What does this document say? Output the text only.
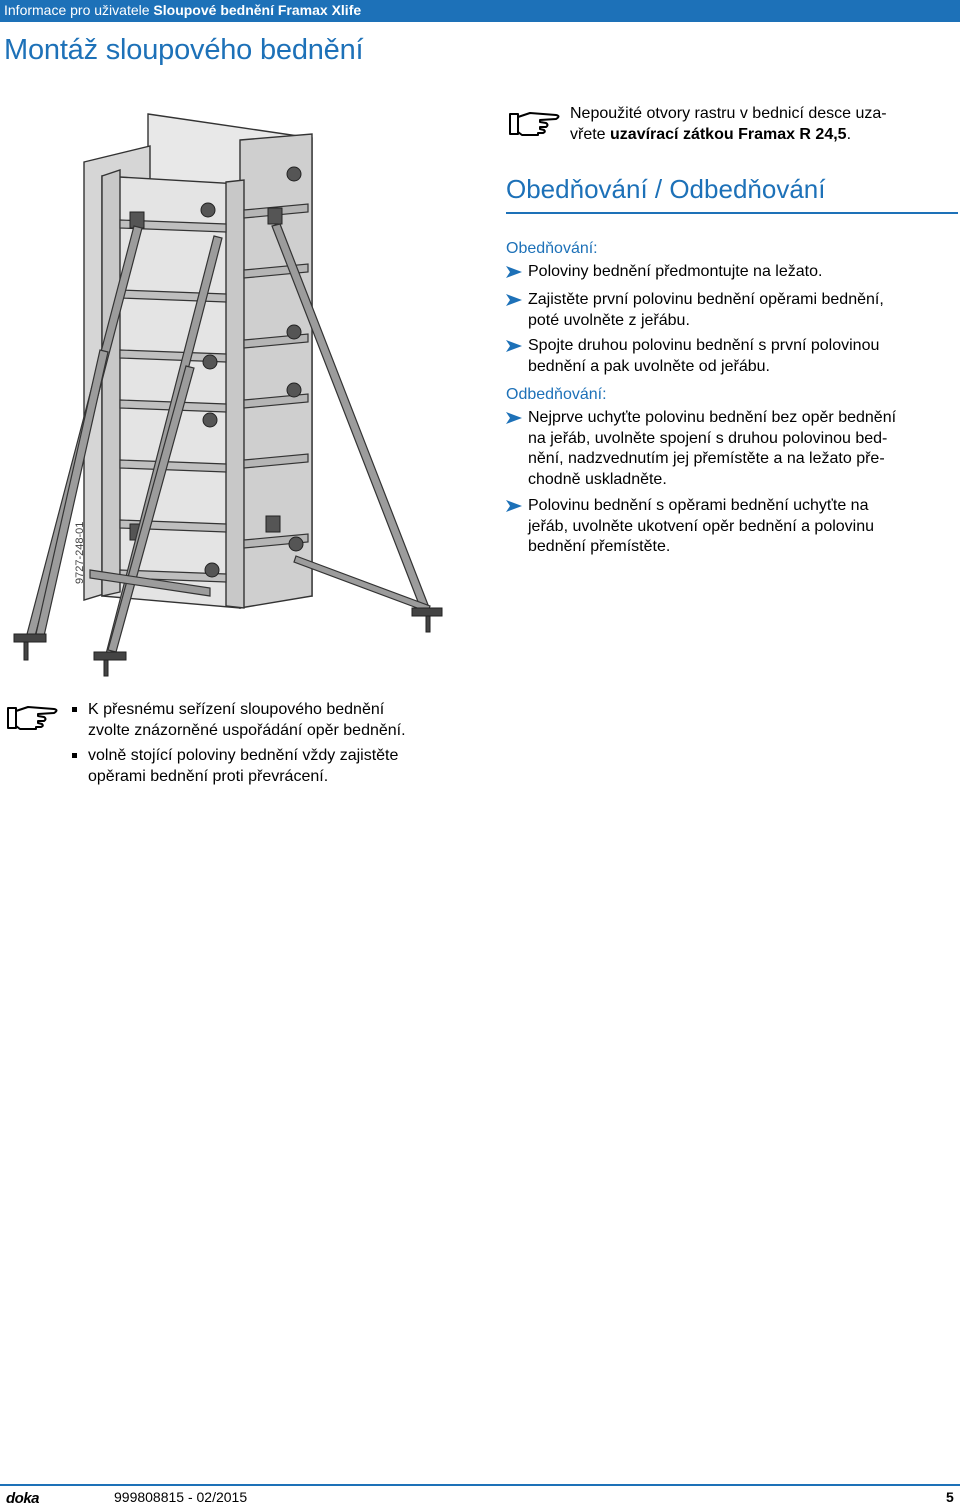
Informace pro uživatele Sloupové bednění Framax Xlife
Montáž sloupového bednění
9727-248-01
Nepoužité otvory rastru v bednicí desce uza-
vřete uzavírací zátkou Framax R 24,5.
Obedňování / Odbedňování
Obedňování:
Poloviny bednění předmontujte na ležato.
Zajistěte první polovinu bednění opěrami bednění,
poté uvolněte z jeřábu.
Spojte druhou polovinu bednění s první polovinou
bednění a pak uvolněte od jeřábu.
Odbedňování:
Nejprve uchyťte polovinu bednění bez opěr bednění
na jeřáb, uvolněte spojení s druhou polovinou bed-
nění, nadzvednutím jej přemístěte a na ležato pře-
chodně uskladněte.
Polovinu bednění s opěrami bednění uchyťte na
jeřáb, uvolněte ukotvení opěr bednění a polovinu
bednění přemístěte.
K přesnému seřízení sloupového bednění
zvolte znázorněné uspořádání opěr bednění.
volně stojící poloviny bednění vždy zajistěte
opěrami bednění proti převrácení.
doka	999808815 - 02/2015	5
